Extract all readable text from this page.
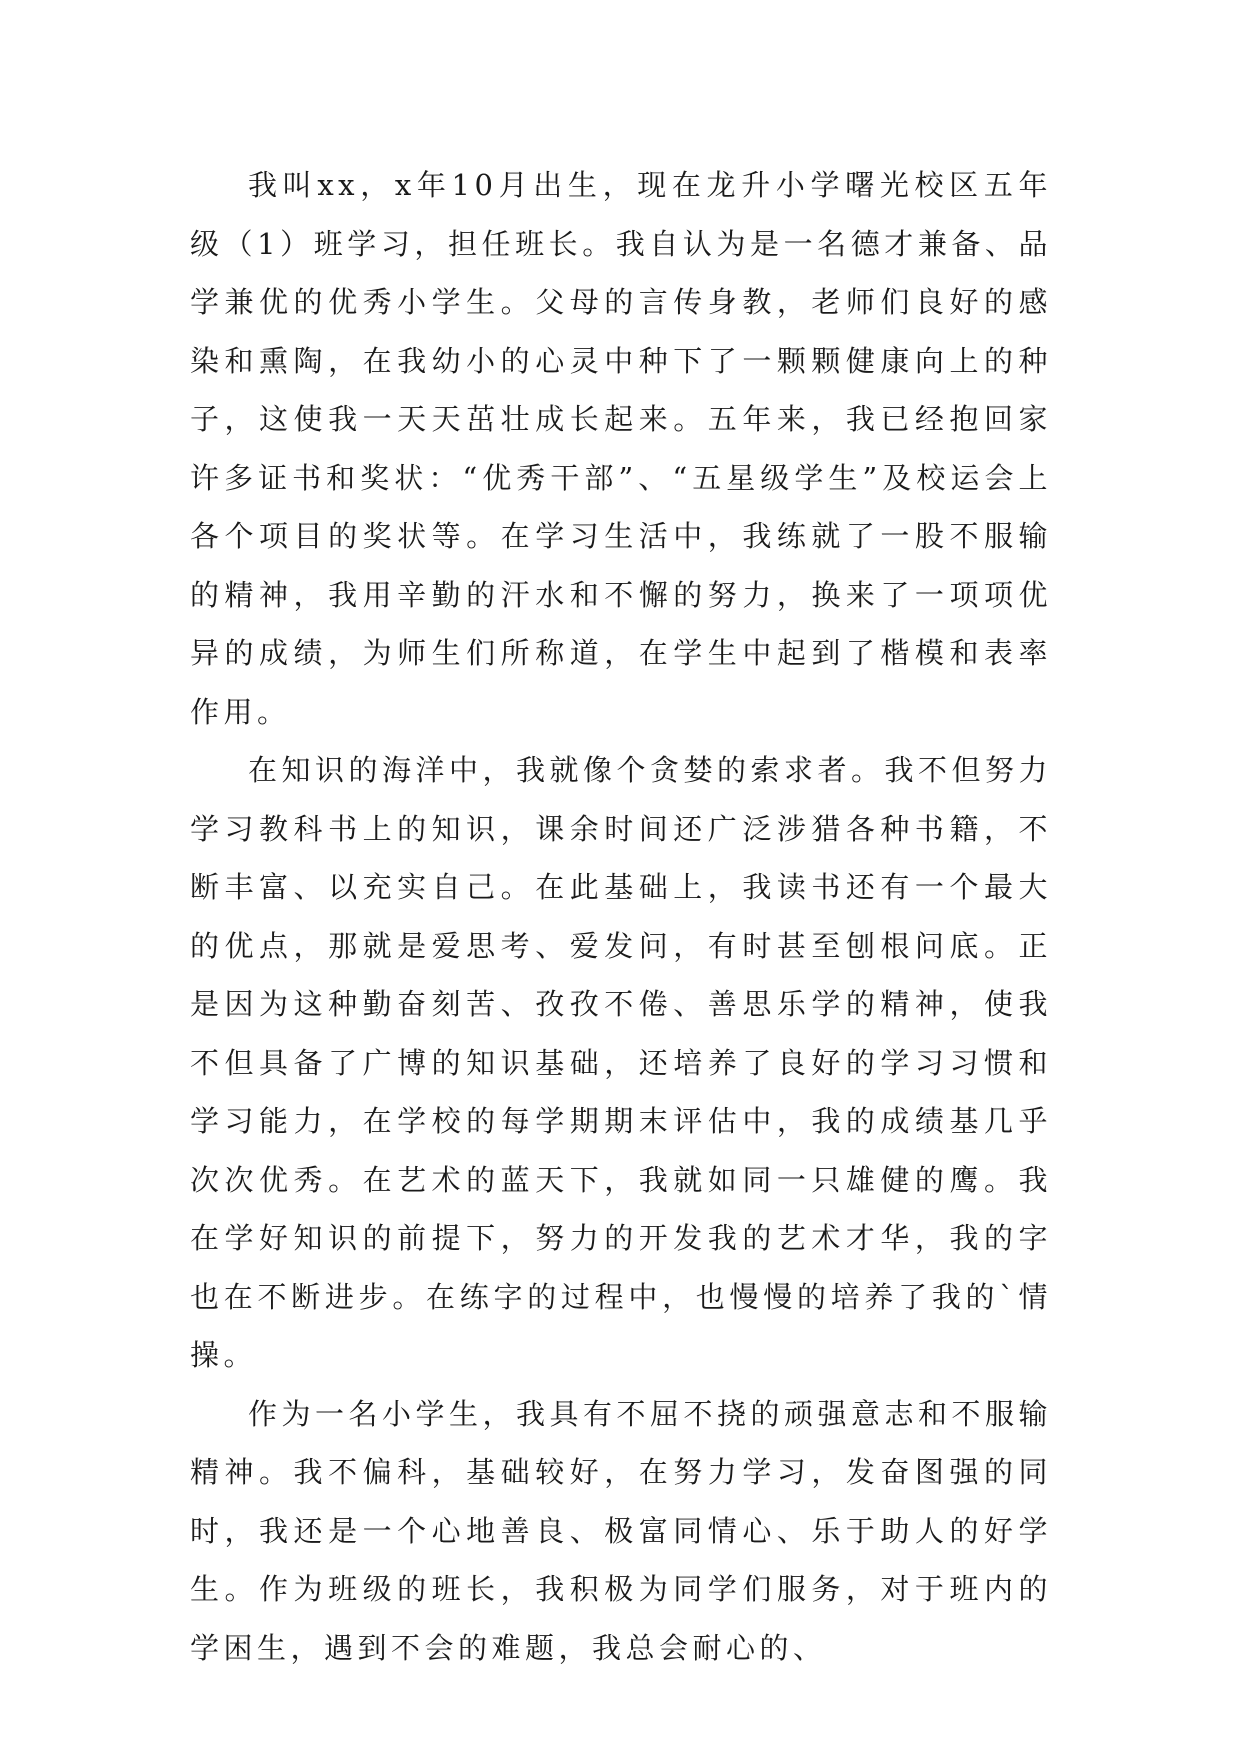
我叫xx，x年10月出生，现在龙升小学曙光校区五年级（1）班学习，担任班长。我自认为是一名德才兼备、品学兼优的优秀小学生。父母的言传身教，老师们良好的感染和熏陶，在我幼小的心灵中种下了一颗颗健康向上的种子，这使我一天天茁壮成长起来。五年来，我已经抱回家许多证书和奖状：“优秀干部”、“五星级学生”及校运会上各个项目的奖状等。在学习生活中，我练就了一股不服输的精神，我用辛勤的汗水和不懈的努力，换来了一项项优异的成绩，为师生们所称道，在学生中起到了楷模和表率作用。

在知识的海洋中，我就像个贪婪的索求者。我不但努力学习教科书上的知识，课余时间还广泛涉猎各种书籍，不断丰富、以充实自己。在此基础上，我读书还有一个最大的优点，那就是爱思考、爱发问，有时甚至刨根问底。正是因为这种勤奋刻苦、孜孜不倦、善思乐学的精神，使我不但具备了广博的知识基础，还培养了良好的学习习惯和学习能力，在学校的每学期期末评估中，我的成绩基几乎次次优秀。在艺术的蓝天下，我就如同一只雄健的鹰。我在学好知识的前提下，努力的开发我的艺术才华，我的字也在不断进步。在练字的过程中，也慢慢的培养了我的`情操。

作为一名小学生，我具有不屈不挠的顽强意志和不服输精神。我不偏科，基础较好，在努力学习，发奋图强的同时，我还是一个心地善良、极富同情心、乐于助人的好学生。作为班级的班长，我积极为同学们服务，对于班内的学困生，遇到不会的难题，我总会耐心的、
